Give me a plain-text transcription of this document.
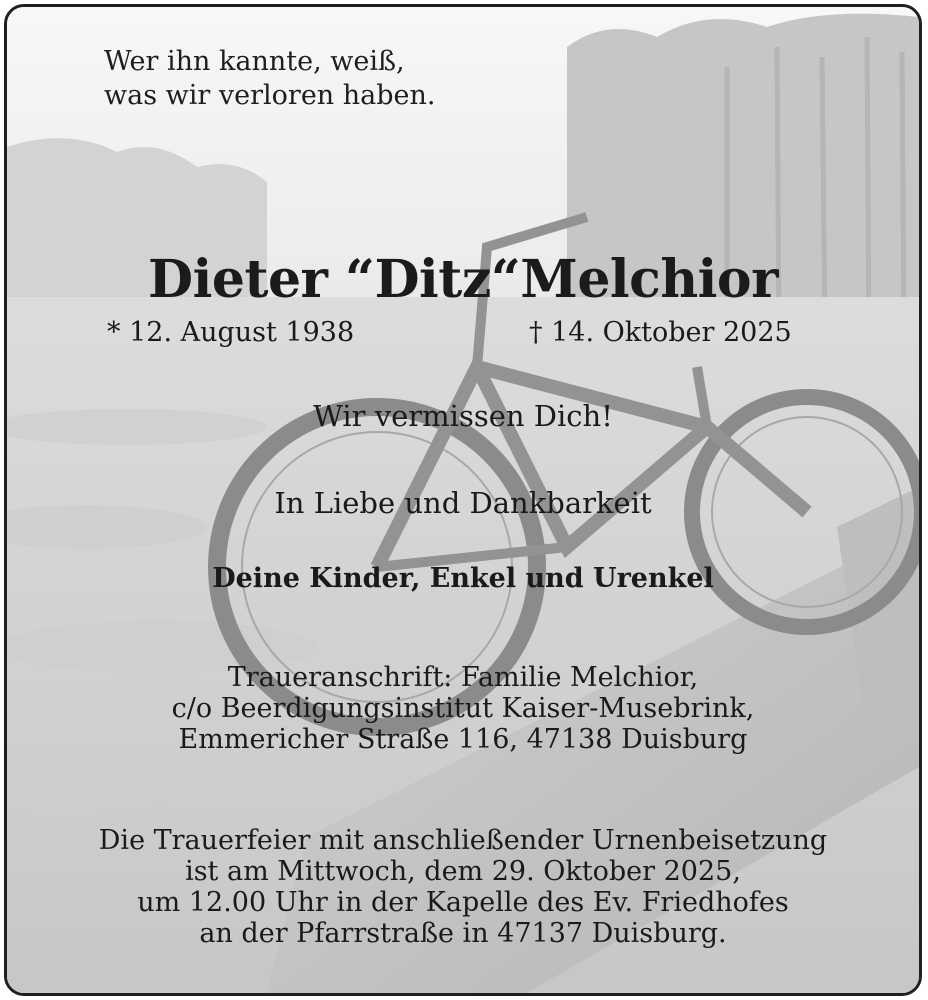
Wer ihn kannte, weiß,
was wir verloren haben.
Dieter “Ditz“Melchior
* 12. August 1938	† 14. Oktober 2025
Wir vermissen Dich!
In Liebe und Dankbarkeit
Deine Kinder, Enkel und Urenkel
Traueranschrift: Familie Melchior,
c/o Beerdigungsinstitut Kaiser-Musebrink,
Emmericher Straße 116, 47138 Duisburg
Die Trauerfeier mit anschließender Urnenbeisetzung
ist am Mittwoch, dem 29. Oktober 2025,
um 12.00 Uhr in der Kapelle des Ev. Friedhofes
an der Pfarrstraße in 47137 Duisburg.
